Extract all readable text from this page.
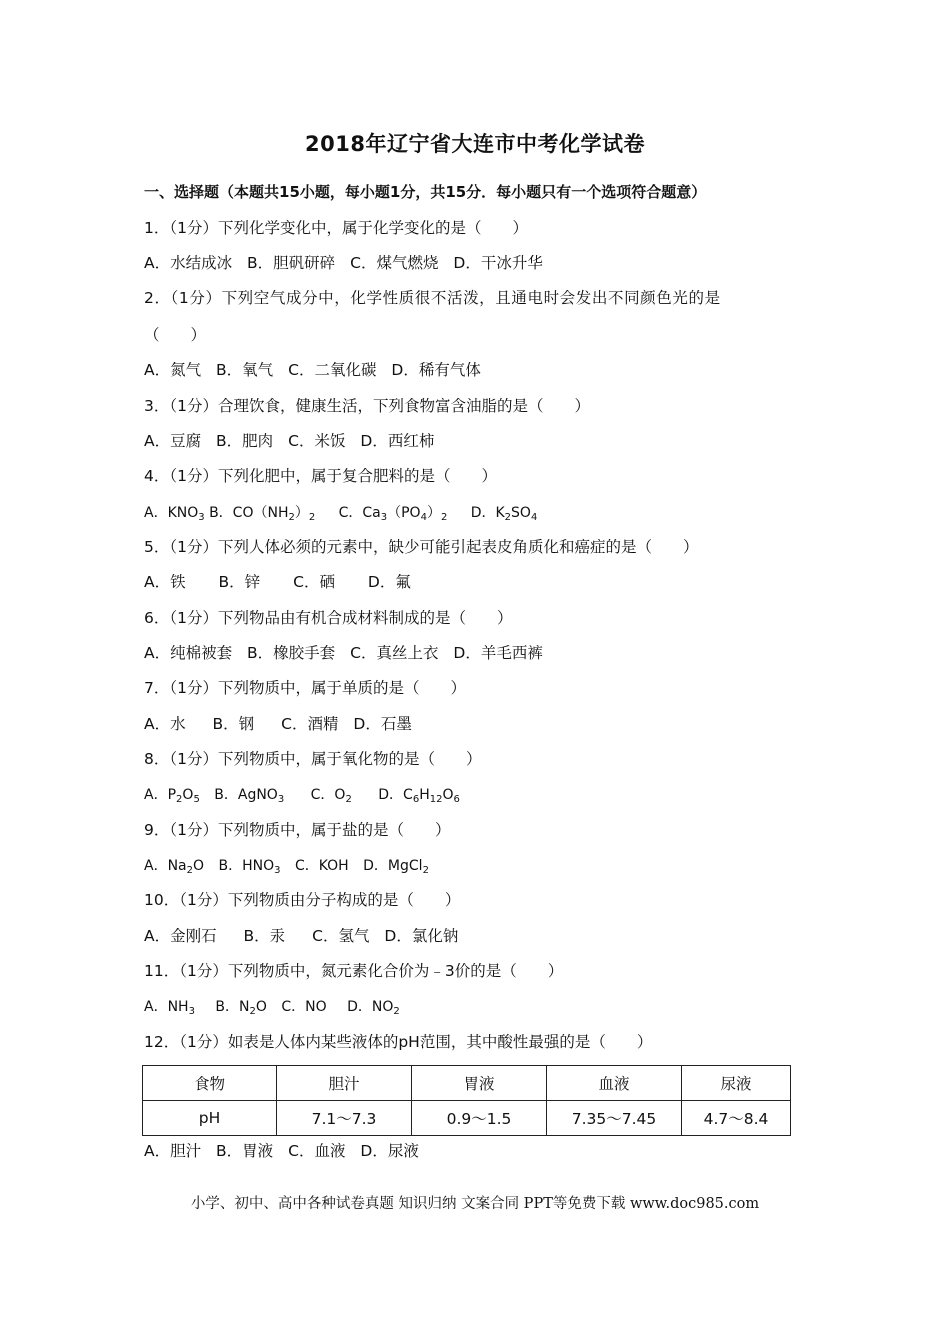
2018年辽宁省大连市中考化学试卷
一、选择题（本题共15小题，每小题1分，共15分．每小题只有一个选项符合题意）
1．（1分）下列化学变化中，属于化学变化的是（　　）
A．水结成冰 B．胆矾研碎 C．煤气燃烧 D．干冰升华
2．（1分）下列空气成分中，化学性质很不活泼，且通电时会发出不同颜色光的是
（　　）
A．氮气 B．氧气 C．二氧化碳 D．稀有气体
3．（1分）合理饮食，健康生活，下列食物富含油脂的是（　　）
A．豆腐 B．肥肉 C．米饭 D．西红柿
4．（1分）下列化肥中，属于复合肥料的是（　　）
A．$KNO_3$ B．$CO(NH_2)_2$ C．$Ca_3(PO_4)_2$ D．$K_2SO_4$
5．（1分）下列人体必须的元素中，缺少可能引起表皮角质化和癌症的是（　　）
A．铁 B．锌 C．硒 D．氟
6．（1分）下列物品由有机合成材料制成的是（　　）
A．纯棉被套 B．橡胶手套 C．真丝上衣 D．羊毛西裤
7．（1分）下列物质中，属于单质的是（　　）
A．水 B．钢 C．酒精 D．石墨
8．（1分）下列物质中，属于氧化物的是（　　）
A．$P_2O_5$ B．AgNO$_3$ C．$O_2$ D．$C_6H_{12}O_6$
9．（1分）下列物质中，属于盐的是（　　）
A．$Na_2O$ B．$HNO_3$ C．KOH D．MgCl$_2$
10．（1分）下列物质由分子构成的是（　　）
A．金刚石 B．汞 C．氢气 D．氯化钠
11．（1分）下列物质中，氮元素化合价为﹣3价的是（　　）
A．$NH_3$ B．$N_2O$ C．NO D．$NO_2$
12．（1分）如表是人体内某些液体的pH范围，其中酸性最强的是（　　）
食物	胆汁	胃液	血液	尿液
pH	7.1～7.3	0.9～1.5	7.35～7.45	4.7～8.4
A．胆汁 B．胃液 C．血液 D．尿液
小学、初中、高中各种试卷真题 知识归纳 文案合同 PPT等免费下载 www.doc985.com
